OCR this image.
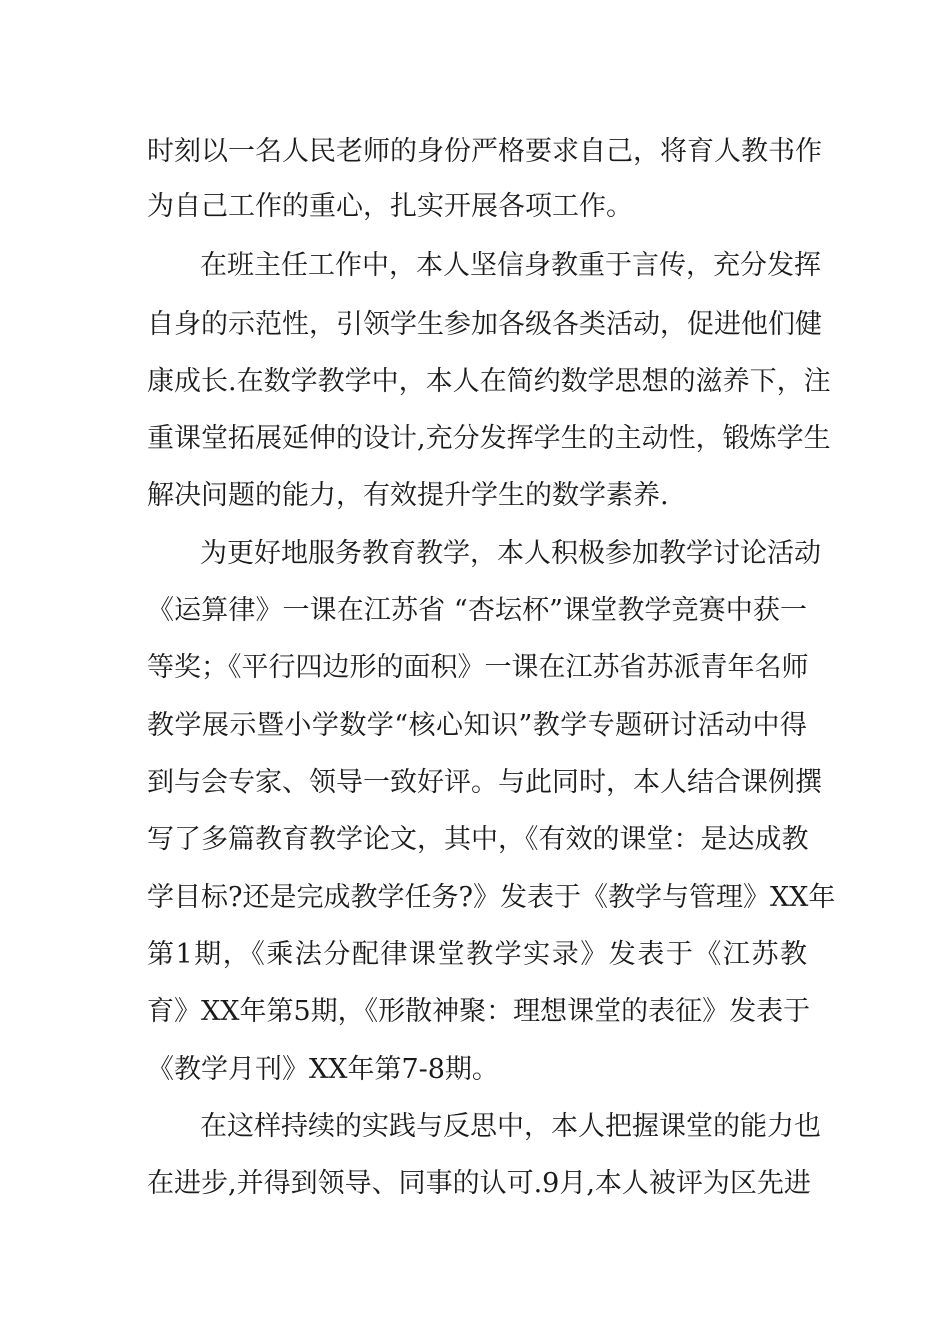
时刻以一名人民老师的身份严格要求自己，将育人教书作
为自己工作的重心，扎实开展各项工作。
在班主任工作中，本人坚信身教重于言传，充分发挥
自身的示范性，引领学生参加各级各类活动，促进他们健
康成长.在数学教学中，本人在简约数学思想的滋养下，注
重课堂拓展延伸的设计,充分发挥学生的主动性，锻炼学生
解决问题的能力，有效提升学生的数学素养.
为更好地服务教育教学，本人积极参加教学讨论活动
《运算律》一课在江苏省 “杏坛杯”课堂教学竞赛中获一
等奖；《平行四边形的面积》一课在江苏省苏派青年名师
教学展示暨小学数学“核心知识”教学专题研讨活动中得
到与会专家、领导一致好评。与此同时，本人结合课例撰
写了多篇教育教学论文，其中，《有效的课堂：是达成教
学目标?还是完成教学任务?》发表于《教学与管理》XX年
第1期，《乘法分配律课堂教学实录》发表于《江苏教
育》XX年第5期，《形散神聚：理想课堂的表征》发表于
《教学月刊》XX年第7-8期。
在这样持续的实践与反思中，本人把握课堂的能力也
在进步,并得到领导、同事的认可.9月,本人被评为区先进
